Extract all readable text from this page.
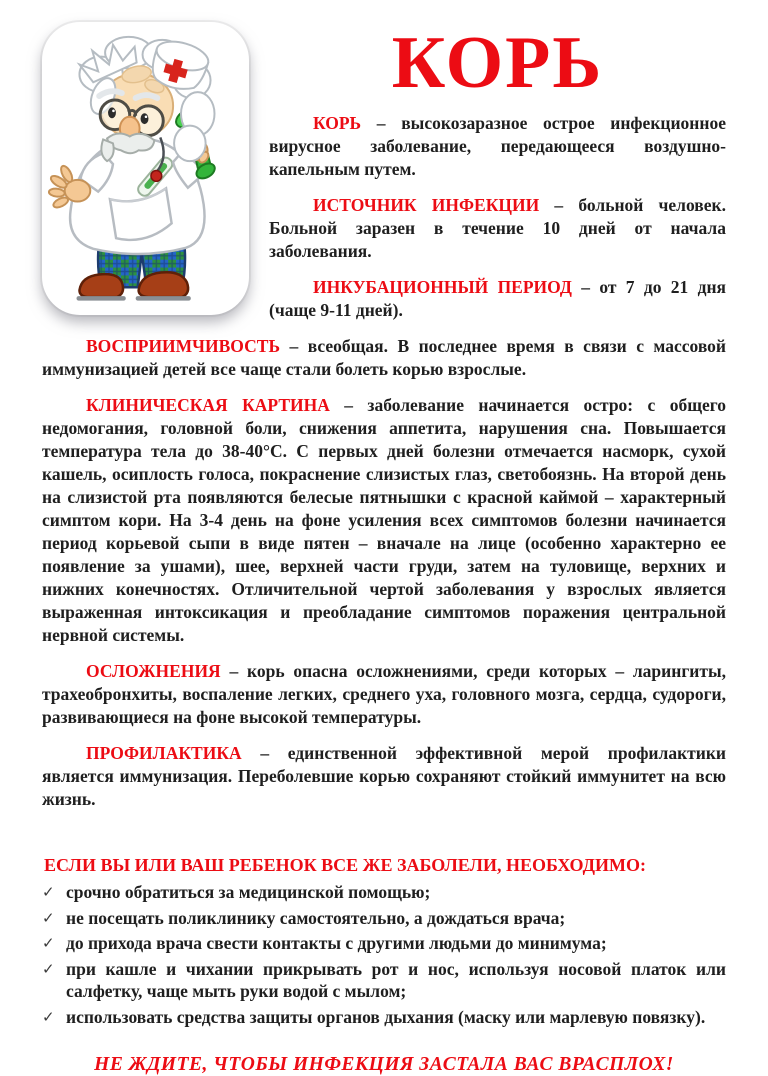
КОРЬ

КОРЬ – высокозаразное острое инфекционное вирусное заболевание, передающееся воздушно-капельным путем.

ИСТОЧНИК ИНФЕКЦИИ – больной человек. Больной заразен в течение 10 дней от начала заболевания.

ИНКУБАЦИОННЫЙ ПЕРИОД – от 7 до 21 дня (чаще 9-11 дней).

ВОСПРИИМЧИВОСТЬ – всеобщая. В последнее время в связи с массовой иммунизацией детей все чаще стали болеть корью взрослые.

КЛИНИЧЕСКАЯ КАРТИНА – заболевание начинается остро: с общего недомогания, головной боли, снижения аппетита, нарушения сна. Повышается температура тела до 38-40°С. С первых дней болезни отмечается насморк, сухой кашель, осиплость голоса, покраснение слизистых глаз, светобоязнь. На второй день на слизистой рта появляются белесые пятнышки с красной каймой – характерный симптом кори. На 3-4 день на фоне усиления всех симптомов болезни начинается период корьевой сыпи в виде пятен – вначале на лице (особенно характерно ее появление за ушами), шее, верхней части груди, затем на туловище, верхних и нижних конечностях. Отличительной чертой заболевания у взрослых является выраженная интоксикация и преобладание симптомов поражения центральной нервной системы.

ОСЛОЖНЕНИЯ – корь опасна осложнениями, среди которых – ларингиты, трахеобронхиты, воспаление легких, среднего уха, головного мозга, сердца, судороги, развивающиеся на фоне высокой температуры.

ПРОФИЛАКТИКА – единственной эффективной мерой профилактики является иммунизация. Переболевшие корью сохраняют стойкий иммунитет на всю жизнь.

ЕСЛИ ВЫ ИЛИ ВАШ РЕБЕНОК ВСЕ ЖЕ ЗАБОЛЕЛИ, НЕОБХОДИМО:
✓ срочно обратиться за медицинской помощью;
✓ не посещать поликлинику самостоятельно, а дождаться врача;
✓ до прихода врача свести контакты с другими людьми до минимума;
✓ при кашле и чихании прикрывать рот и нос, используя носовой платок или салфетку, чаще мыть руки водой с мылом;
✓ использовать средства защиты органов дыхания (маску или марлевую повязку).
НЕ ЖДИТЕ, ЧТОБЫ ИНФЕКЦИЯ ЗАСТАЛА ВАС ВРАСПЛОХ!
